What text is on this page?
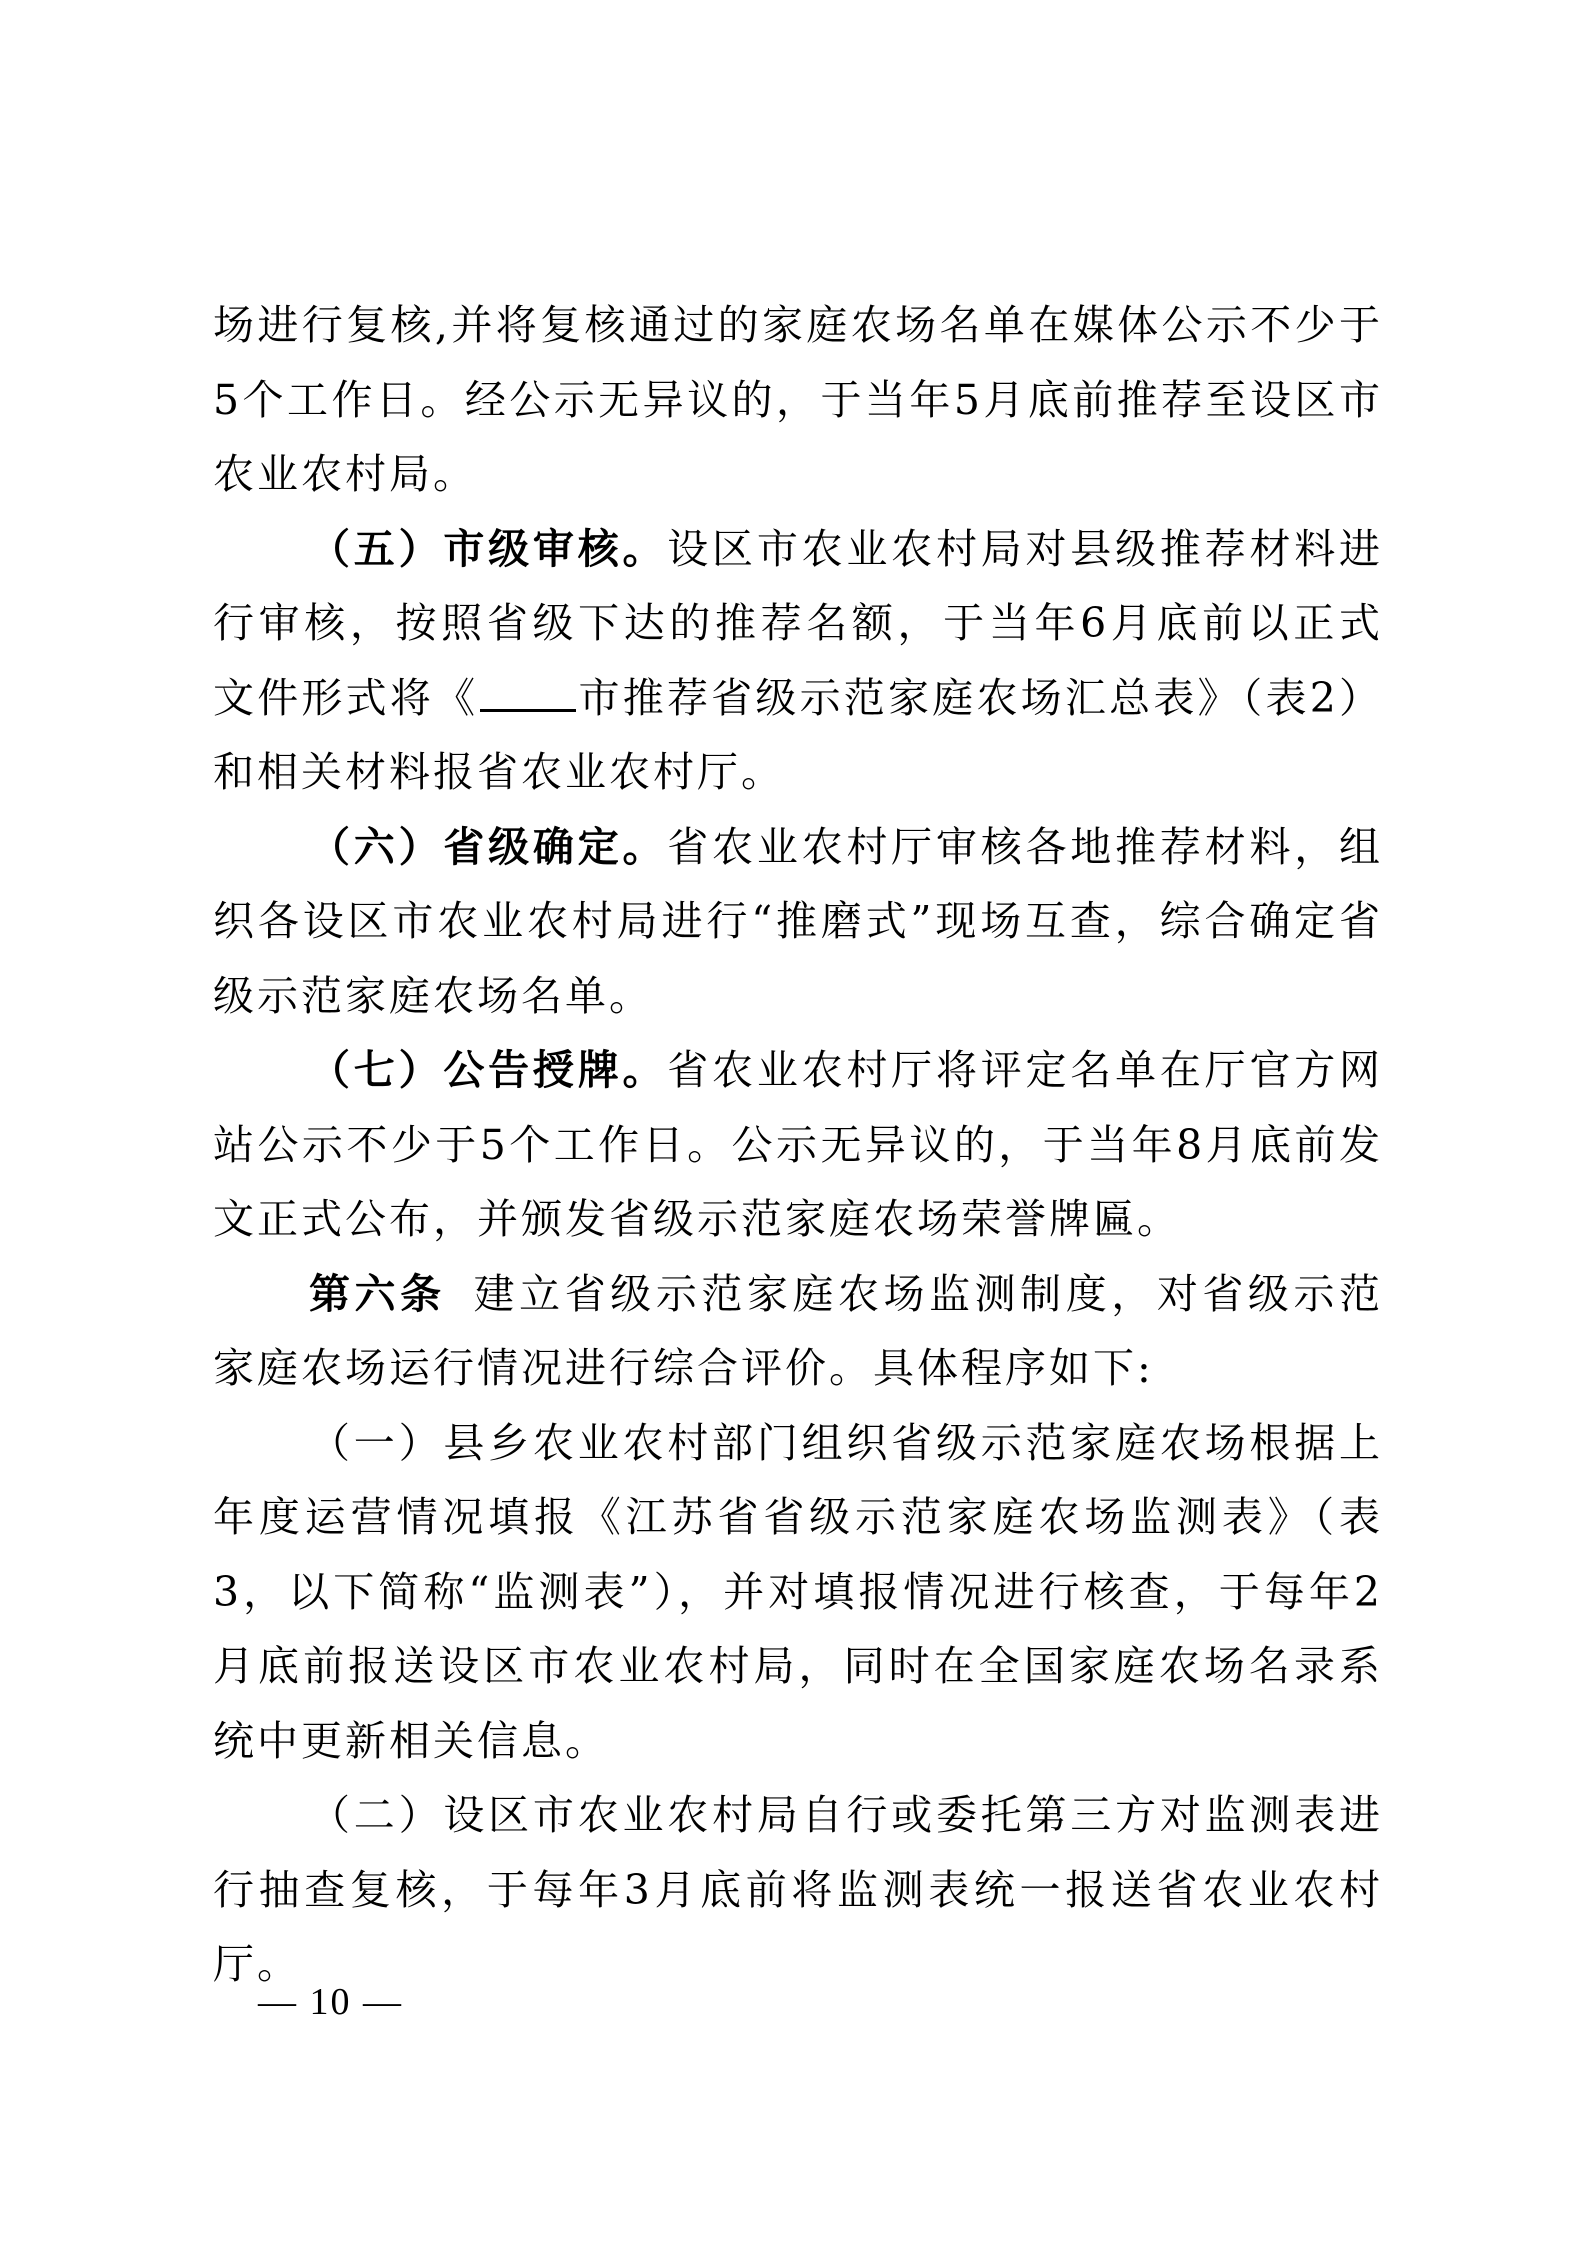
场进行复核,并将复核通过的家庭农场名单在媒体公示不少于5个工作日。经公示无异议的，于当年5月底前推荐至设区市农业农村局。

（五）市级审核。设区市农业农村局对县级推荐材料进行审核，按照省级下达的推荐名额，于当年6月底前以正式文件形式将《 市推荐省级示范家庭农场汇总表》（表2）和相关材料报省农业农村厅。

（六）省级确定。省农业农村厅审核各地推荐材料，组织各设区市农业农村局进行“推磨式”现场互查，综合确定省级示范家庭农场名单。

（七）公告授牌。省农业农村厅将评定名单在厅官方网站公示不少于5个工作日。公示无异议的，于当年8月底前发文正式公布，并颁发省级示范家庭农场荣誉牌匾。

第六条 建立省级示范家庭农场监测制度，对省级示范家庭农场运行情况进行综合评价。具体程序如下:

（一）县乡农业农村部门组织省级示范家庭农场根据上年度运营情况填报《江苏省省级示范家庭农场监测表》（表3，以下简称“监测表”），并对填报情况进行核查，于每年2月底前报送设区市农业农村局，同时在全国家庭农场名录系统中更新相关信息。

（二）设区市农业农村局自行或委托第三方对监测表进行抽查复核，于每年3月底前将监测表统一报送省农业农村厅。

— 10 —
